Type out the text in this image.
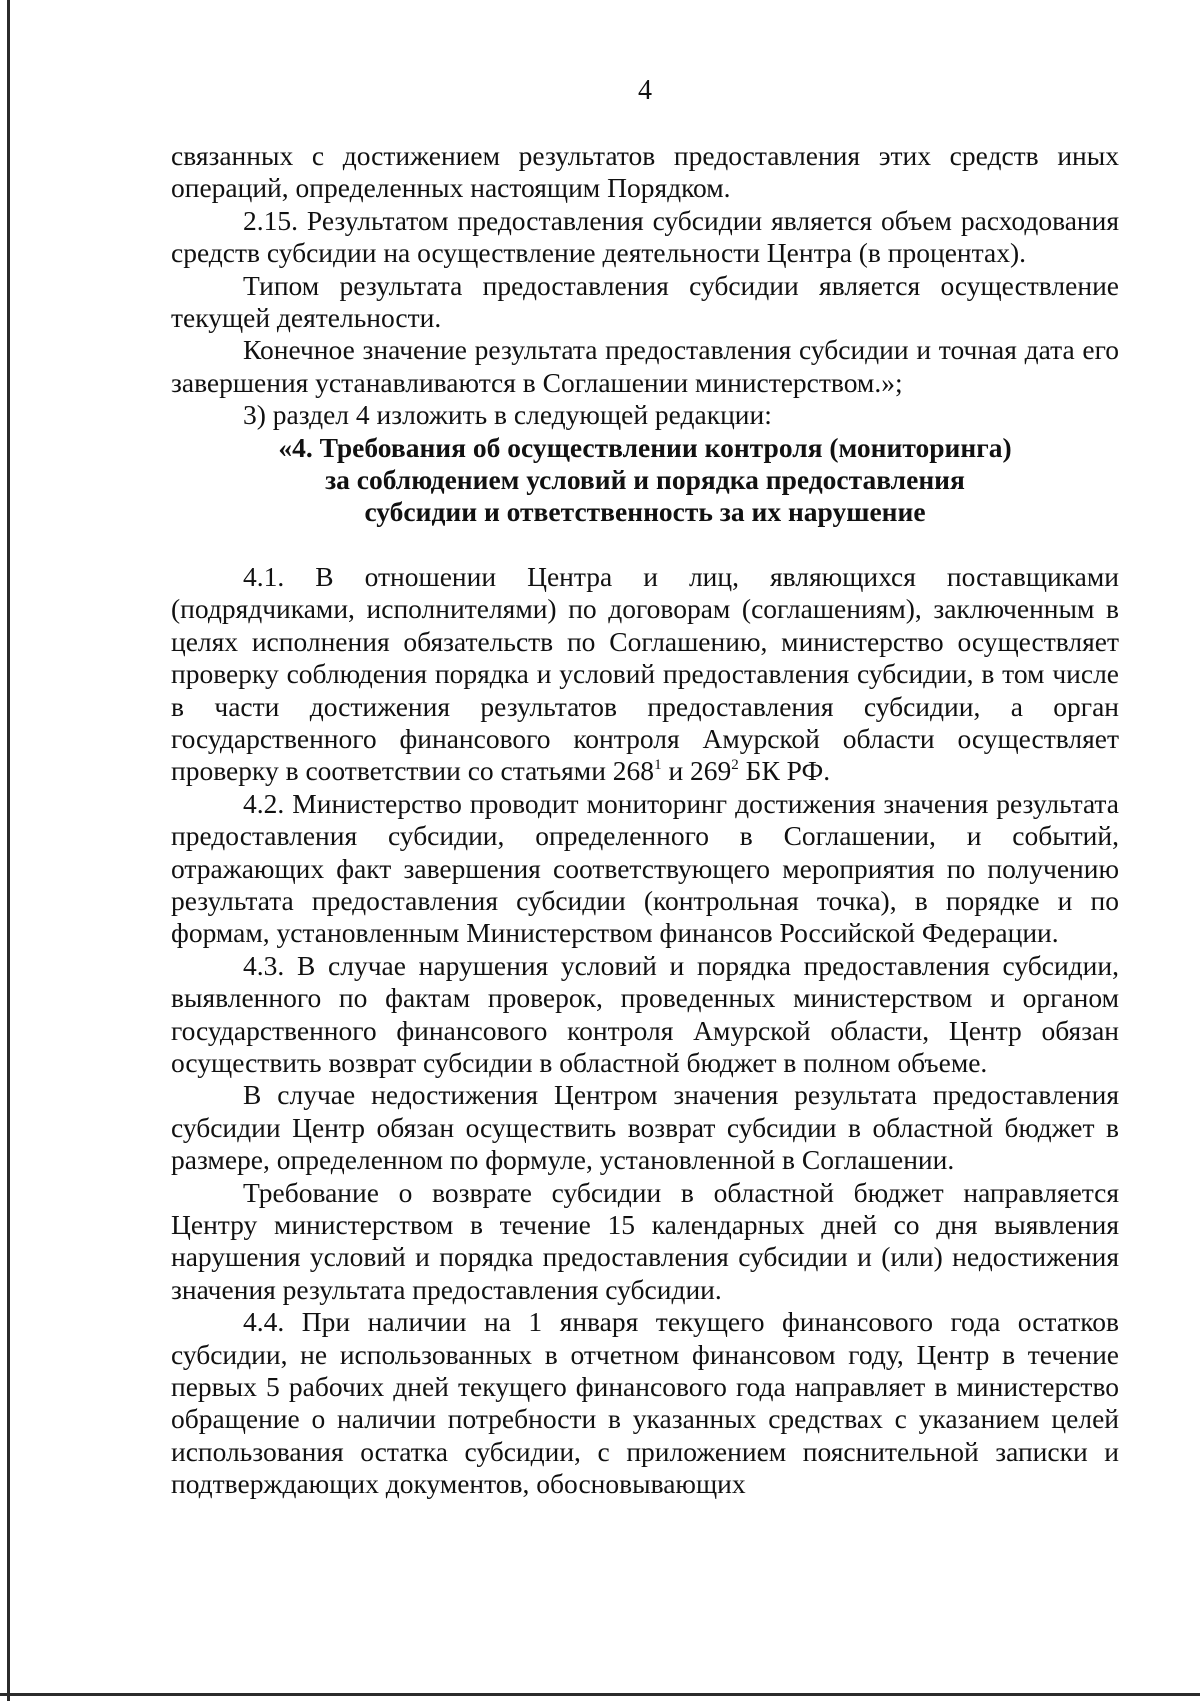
4

связанных с достижением результатов предоставления этих средств иных операций, определенных настоящим Порядком.

2.15. Результатом предоставления субсидии является объем расходования средств субсидии на осуществление деятельности Центра (в процентах).

Типом результата предоставления субсидии является осуществление текущей деятельности.

Конечное значение результата предоставления субсидии и точная дата его завершения устанавливаются в Соглашении министерством.»;

3) раздел 4 изложить в следующей редакции:

«4. Требования об осуществлении контроля (мониторинга)

за соблюдением условий и порядка предоставления

субсидии и ответственность за их нарушение

4.1. В отношении Центра и лиц, являющихся поставщиками (подрядчиками, исполнителями) по договорам (соглашениям), заключенным в целях исполнения обязательств по Соглашению, министерство осуществляет проверку соблюдения порядка и условий предоставления субсидии, в том числе в части достижения результатов предоставления субсидии, а орган государственного финансового контроля Амурской области осуществляет проверку в соответствии со статьями $268^1$ и $269^2$ БК РФ.

4.2. Министерство проводит мониторинг достижения значения результата предоставления субсидии, определенного в Соглашении, и событий, отражающих факт завершения соответствующего мероприятия по получению результата предоставления субсидии (контрольная точка), в порядке и по формам, установленным Министерством финансов Российской Федерации.

4.3. В случае нарушения условий и порядка предоставления субсидии, выявленного по фактам проверок, проведенных министерством и органом государственного финансового контроля Амурской области, Центр обязан осуществить возврат субсидии в областной бюджет в полном объеме.

В случае недостижения Центром значения результата предоставления субсидии Центр обязан осуществить возврат субсидии в областной бюджет в размере, определенном по формуле, установленной в Соглашении.

Требование о возврате субсидии в областной бюджет направляется Центру министерством в течение 15 календарных дней со дня выявления нарушения условий и порядка предоставления субсидии и (или) недостижения значения результата предоставления субсидии.

4.4. При наличии на 1 января текущего финансового года остатков субсидии, не использованных в отчетном финансовом году, Центр в течение первых 5 рабочих дней текущего финансового года направляет в министерство обращение о наличии потребности в указанных средствах с указанием целей использования остатка субсидии, с приложением пояснительной записки и подтверждающих документов, обосновывающих
